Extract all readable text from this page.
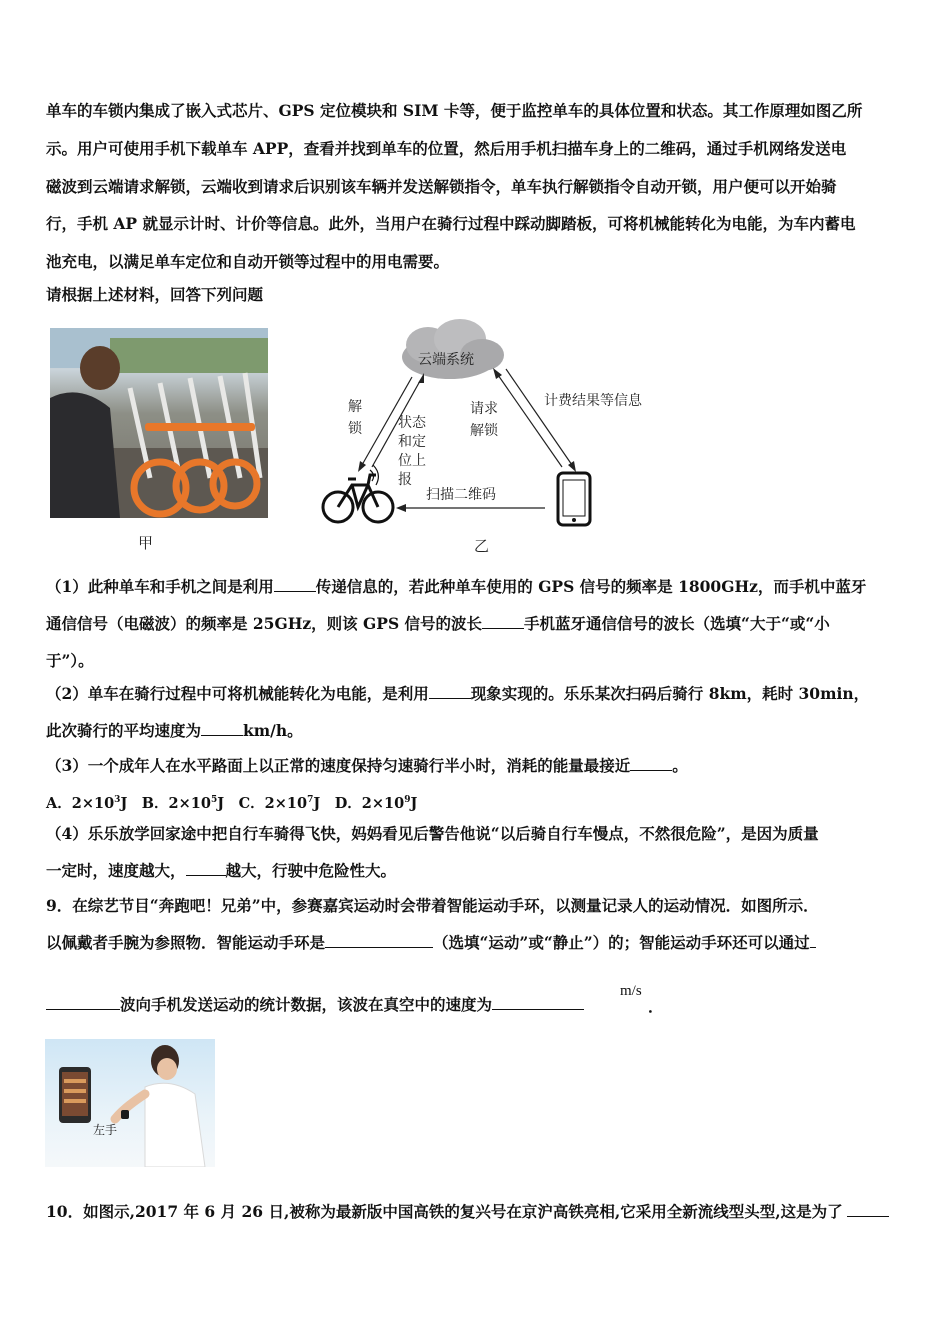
单车的车锁内集成了嵌入式芯片、GPS 定位模块和 SIM 卡等，便于监控单车的具体位置和状态。其工作原理如图乙所
示。用户可使用手机下载单车 APP，查看并找到单车的位置，然后用手机扫描车身上的二维码，通过手机网络发送电
磁波到云端请求解锁，云端收到请求后识别该车辆并发送解锁指令，单车执行解锁指令自动开锁，用户便可以开始骑
行，手机 AP 就显示计时、计价等信息。此外，当用户在骑行过程中踩动脚踏板，可将机械能转化为电能，为车内蓄电
池充电，以满足单车定位和自动开锁等过程中的用电需要。
请根据上述材料，回答下列问题
甲
云端系统
解
锁	状态
和定
位上
报
请求
解锁
计费结果等信息
扫描二维码
乙
（1）此种单车和手机之间是利用	传递信息的，若此种单车使用的 GPS 信号的频率是 1800GHz，而手机中蓝牙
通信信号（电磁波）的频率是 25GHz，则该 GPS 信号的波长	手机蓝牙通信信号的波长（选填“大于“或“小
于”）。
（2）单车在骑行过程中可将机械能转化为电能，是利用	现象实现的。乐乐某次扫码后骑行 8km，耗时 30min，
此次骑行的平均速度为	km/h。
（3）一个成年人在水平路面上以正常的速度保持匀速骑行半小时，消耗的能量最接近	。
A．$2\times 10^3J$　B．$2\times 10^5J$　C．$2\times 10^7J$　D．$2\times 10^9J$
（4）乐乐放学回家途中把自行车骑得飞快，妈妈看见后警告他说“以后骑自行车慢点，不然很危险”，是因为质量
一定时，速度越大，	越大，行驶中危险性大。
9．在综艺节目“奔跑吧！兄弟”中，参赛嘉宾运动时会带着智能运动手环，以测量记录人的运动情况．如图所示．
以佩戴者手腕为参照物．智能运动手环是	（选填“运动”或“静止”）的；智能运动手环还可以通过
波向手机发送运动的统计数据，该波在真空中的速度为
m/s
．
左手
10．如图示,2017 年 6 月 26 日,被称为最新版中国高铁的复兴号在京沪高铁亮相,它采用全新流线型头型,这是为了
